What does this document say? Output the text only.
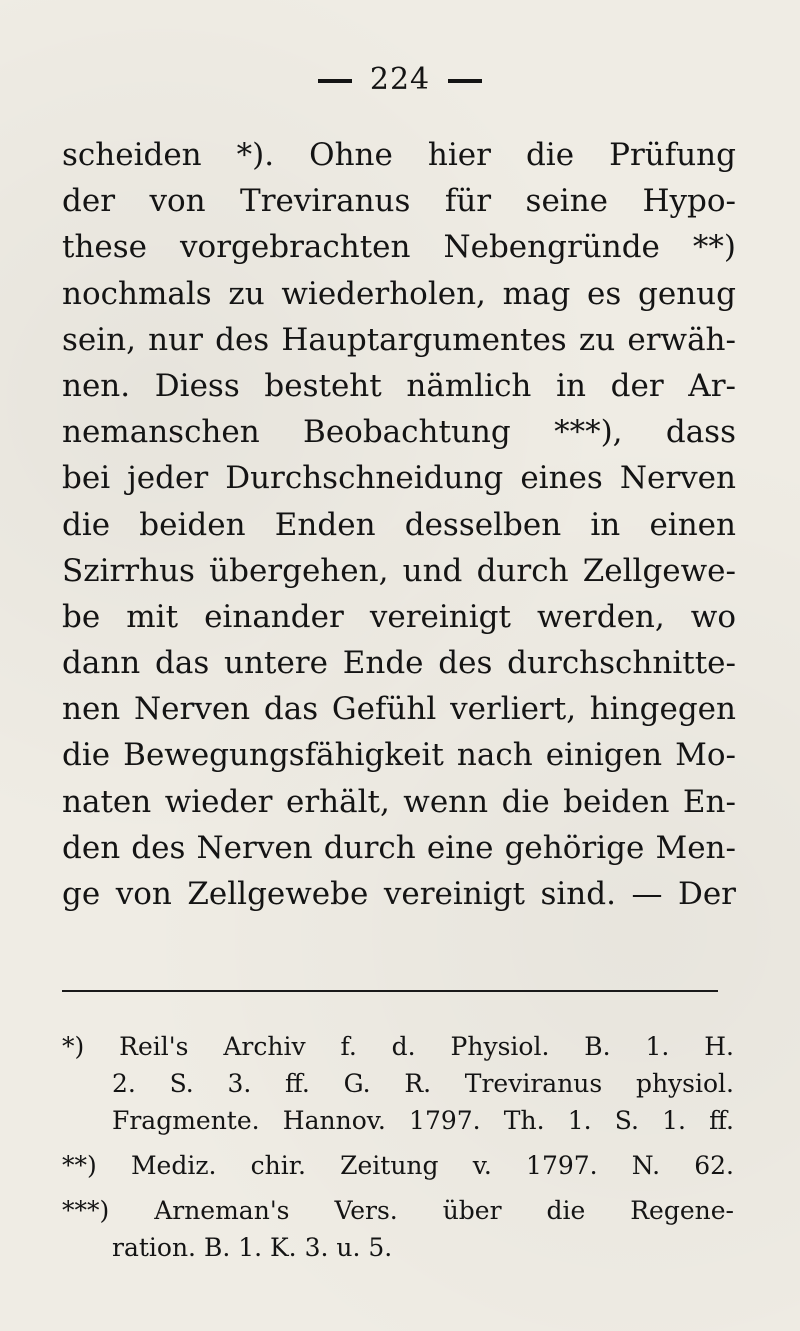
224
scheiden *). Ohne hier die Prüfung
der von Treviranus für seine Hypo-
these vorgebrachten Nebengründe **)
nochmals zu wiederholen, mag es genug
sein, nur des Hauptargumentes zu erwäh-
nen. Diess besteht nämlich in der Ar-
nemanschen Beobachtung ***), dass
bei jeder Durchschneidung eines Nerven
die beiden Enden desselben in einen
Szirrhus übergehen, und durch Zellgewe-
be mit einander vereinigt werden, wo
dann das untere Ende des durchschnitte-
nen Nerven das Gefühl verliert, hingegen
die Bewegungsfähigkeit nach einigen Mo-
naten wieder erhält, wenn die beiden En-
den des Nerven durch eine gehörige Men-
ge von Zellgewebe vereinigt sind. — Der
*) Reil's Archiv f. d. Physiol. B. 1. H.
2. S. 3. ff. G. R. Treviranus physiol.
Fragmente. Hannov. 1797. Th. 1. S. 1. ff.
**) Mediz. chir. Zeitung v. 1797. N. 62.
***) Arneman's Vers. über die Regene-
ration. B. 1. K. 3. u. 5.
